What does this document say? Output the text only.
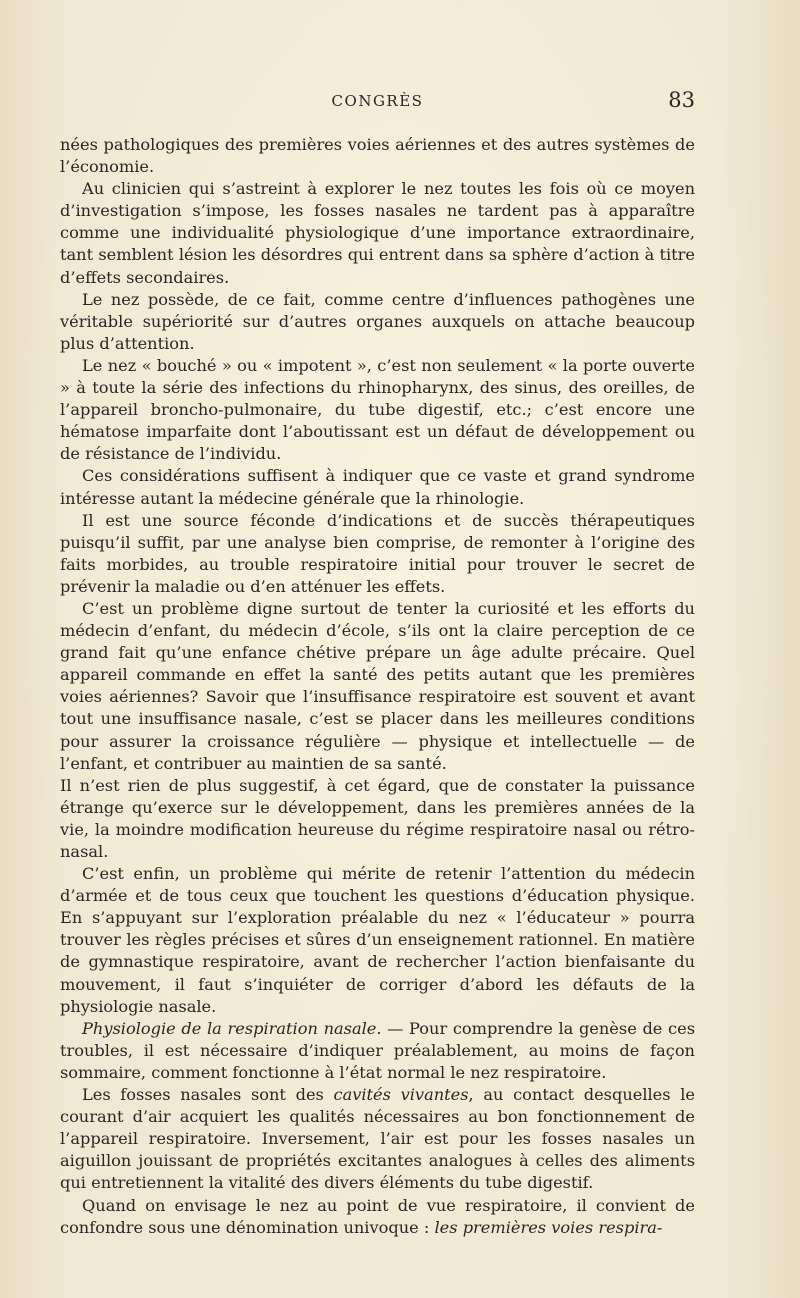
CONGRÈS	83

nées pathologiques des premières voies aériennes et des autres systèmes de l’économie.

Au clinicien qui s’astreint à explorer le nez toutes les fois où ce moyen d’investigation s’impose, les fosses nasales ne tardent pas à apparaître comme une individualité physiologique d’une importance extraordinaire, tant semblent lésion les désordres qui entrent dans sa sphère d’action à titre d’effets secondaires.

Le nez possède, de ce fait, comme centre d’influences pathogènes une véritable supériorité sur d’autres organes auxquels on attache beaucoup plus d’attention.

Le nez « bouché » ou « impotent », c’est non seulement « la porte ouverte » à toute la série des infections du rhinopharynx, des sinus, des oreilles, de l’appareil broncho-pulmonaire, du tube digestif, etc.; c’est encore une hématose imparfaite dont l’aboutissant est un défaut de développement ou de résistance de l’individu.

Ces considérations suffisent à indiquer que ce vaste et grand syndrome intéresse autant la médecine générale que la rhinologie.

Il est une source féconde d’indications et de succès thérapeutiques puisqu’il suffit, par une analyse bien comprise, de remonter à l’origine des faits morbides, au trouble respiratoire initial pour trouver le secret de prévenir la maladie ou d’en atténuer les effets.

C’est un problème digne surtout de tenter la curiosité et les efforts du médecin d’enfant, du médecin d’école, s’ils ont la claire perception de ce grand fait qu’une enfance chétive prépare un âge adulte précaire. Quel appareil commande en effet la santé des petits autant que les premières voies aériennes? Savoir que l’insuffisance respiratoire est souvent et avant tout une insuffisance nasale, c’est se placer dans les meilleures conditions pour assurer la croissance régulière — physique et intellectuelle — de l’enfant, et contribuer au maintien de sa santé.

Il n’est rien de plus suggestif, à cet égard, que de constater la puissance étrange qu’exerce sur le développement, dans les premières années de la vie, la moindre modification heureuse du régime respiratoire nasal ou rétro-nasal.

C’est enfin, un problème qui mérite de retenir l’attention du médecin d’armée et de tous ceux que touchent les questions d’éducation physique. En s’appuyant sur l’exploration préalable du nez « l’éducateur » pourra trouver les règles précises et sûres d’un enseignement rationnel. En matière de gymnastique respiratoire, avant de rechercher l’action bienfaisante du mouvement, il faut s’inquiéter de corriger d’abord les défauts de la physiologie nasale.

Physiologie de la respiration nasale. — Pour comprendre la genèse de ces troubles, il est nécessaire d’indiquer préalablement, au moins de façon sommaire, comment fonctionne à l’état normal le nez respiratoire.

Les fosses nasales sont des cavités vivantes, au contact desquelles le courant d’air acquiert les qualités nécessaires au bon fonctionnement de l’appareil respiratoire. Inversement, l’air est pour les fosses nasales un aiguillon jouissant de propriétés excitantes analogues à celles des aliments qui entretiennent la vitalité des divers éléments du tube digestif.

Quand on envisage le nez au point de vue respiratoire, il convient de confondre sous une dénomination univoque : les premières voies respira-
